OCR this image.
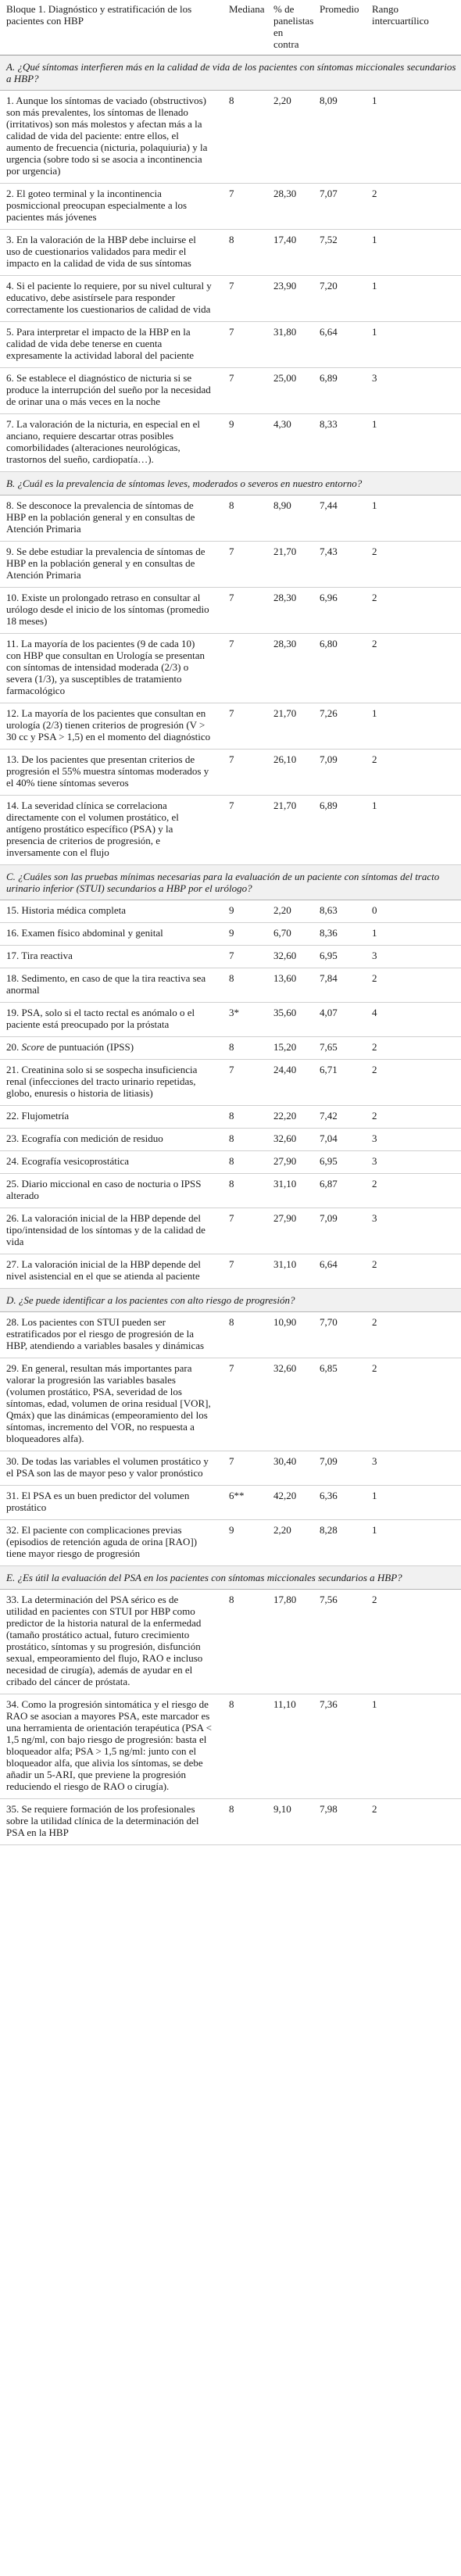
Bloque 1. Diagnóstico y estratificación de los pacientes con HBP	Mediana	% de panelistas en contra	Promedio	Rango intercuartílico
A. ¿Qué síntomas interfieren más en la calidad de vida de los pacientes con síntomas miccionales secundarios a HBP?				
1. Aunque los síntomas de vaciado (obstructivos) son más prevalentes, los síntomas de llenado (irritativos) son más molestos y afectan más a la calidad de vida del paciente: entre ellos, el aumento de frecuencia (nicturia, polaquiuria) y la urgencia (sobre todo si se asocia a incontinencia por urgencia)	8	2,20	8,09	1
2. El goteo terminal y la incontinencia posmiccional preocupan especialmente a los pacientes más jóvenes	7	28,30	7,07	2
3. En la valoración de la HBP debe incluirse el uso de cuestionarios validados para medir el impacto en la calidad de vida de sus síntomas	8	17,40	7,52	1
4. Si el paciente lo requiere, por su nivel cultural y educativo, debe asistírsele para responder correctamente los cuestionarios de calidad de vida	7	23,90	7,20	1
5. Para interpretar el impacto de la HBP en la calidad de vida debe tenerse en cuenta expresamente la actividad laboral del paciente	7	31,80	6,64	1
6. Se establece el diagnóstico de nicturia si se produce la interrupción del sueño por la necesidad de orinar una o más veces en la noche	7	25,00	6,89	3
7. La valoración de la nicturia, en especial en el anciano, requiere descartar otras posibles comorbilidades (alteraciones neurológicas, trastornos del sueño, cardiopatía…).	9	4,30	8,33	1
B. ¿Cuál es la prevalencia de síntomas leves, moderados o severos en nuestro entorno?				
8. Se desconoce la prevalencia de síntomas de HBP en la población general y en consultas de Atención Primaria	8	8,90	7,44	1
9. Se debe estudiar la prevalencia de síntomas de HBP en la población general y en consultas de Atención Primaria	7	21,70	7,43	2
10. Existe un prolongado retraso en consultar al urólogo desde el inicio de los síntomas (promedio 18 meses)	7	28,30	6,96	2
11. La mayoría de los pacientes (9 de cada 10) con HBP que consultan en Urología se presentan con síntomas de intensidad moderada (2/3) o severa (1/3), ya susceptibles de tratamiento farmacológico	7	28,30	6,80	2
12. La mayoría de los pacientes que consultan en urología (2/3) tienen criterios de progresión (V > 30 cc y PSA > 1,5) en el momento del diagnóstico	7	21,70	7,26	1
13. De los pacientes que presentan criterios de progresión el 55% muestra síntomas moderados y el 40% tiene síntomas severos	7	26,10	7,09	2
14. La severidad clínica se correlaciona directamente con el volumen prostático, el antígeno prostático específico (PSA) y la presencia de criterios de progresión, e inversamente con el flujo	7	21,70	6,89	1
C. ¿Cuáles son las pruebas mínimas necesarias para la evaluación de un paciente con síntomas del tracto urinario inferior (STUI) secundarios a HBP por el urólogo?				
15. Historia médica completa	9	2,20	8,63	0
16. Examen físico abdominal y genital	9	6,70	8,36	1
17. Tira reactiva	7	32,60	6,95	3
18. Sedimento, en caso de que la tira reactiva sea anormal	8	13,60	7,84	2
19. PSA, solo si el tacto rectal es anómalo o el paciente está preocupado por la próstata	3*	35,60	4,07	4
20. Score de puntuación (IPSS)	8	15,20	7,65	2
21. Creatinina solo si se sospecha insuficiencia renal (infecciones del tracto urinario repetidas, globo, enuresis o historia de litiasis)	7	24,40	6,71	2
22. Flujometría	8	22,20	7,42	2
23. Ecografía con medición de residuo	8	32,60	7,04	3
24. Ecografía vesicoprostática	8	27,90	6,95	3
25. Diario miccional en caso de nocturia o IPSS alterado	8	31,10	6,87	2
26. La valoración inicial de la HBP depende del tipo/intensidad de los síntomas y de la calidad de vida	7	27,90	7,09	3
27. La valoración inicial de la HBP depende del nivel asistencial en el que se atienda al paciente	7	31,10	6,64	2
D. ¿Se puede identificar a los pacientes con alto riesgo de progresión?				
28. Los pacientes con STUI pueden ser estratificados por el riesgo de progresión de la HBP, atendiendo a variables basales y dinámicas	8	10,90	7,70	2
29. En general, resultan más importantes para valorar la progresión las variables basales (volumen prostático, PSA, severidad de los síntomas, edad, volumen de orina residual [VOR], Qmáx) que las dinámicas (empeoramiento del los síntomas, incremento del VOR, no respuesta a bloqueadores alfa).	7	32,60	6,85	2
30. De todas las variables el volumen prostático y el PSA son las de mayor peso y valor pronóstico	7	30,40	7,09	3
31. El PSA es un buen predictor del volumen prostático	6**	42,20	6,36	1
32. El paciente con complicaciones previas (episodios de retención aguda de orina [RAO]) tiene mayor riesgo de progresión	9	2,20	8,28	1
E. ¿Es útil la evaluación del PSA en los pacientes con síntomas miccionales secundarios a HBP?				
33. La determinación del PSA sérico es de utilidad en pacientes con STUI por HBP como predictor de la historia natural de la enfermedad (tamaño prostático actual, futuro crecimiento prostático, síntomas y su progresión, disfunción sexual, empeoramiento del flujo, RAO e incluso necesidad de cirugía), además de ayudar en el cribado del cáncer de próstata.	8	17,80	7,56	2
34. Como la progresión sintomática y el riesgo de RAO se asocian a mayores PSA, este marcador es una herramienta de orientación terapéutica (PSA < 1,5 ng/ml, con bajo riesgo de progresión: basta el bloqueador alfa; PSA > 1,5 ng/ml: junto con el bloqueador alfa, que alivia los síntomas, se debe añadir un 5-ARI, que previene la progresión reduciendo el riesgo de RAO o cirugía).	8	11,10	7,36	1
35. Se requiere formación de los profesionales sobre la utilidad clínica de la determinación del PSA en la HBP	8	9,10	7,98	2
